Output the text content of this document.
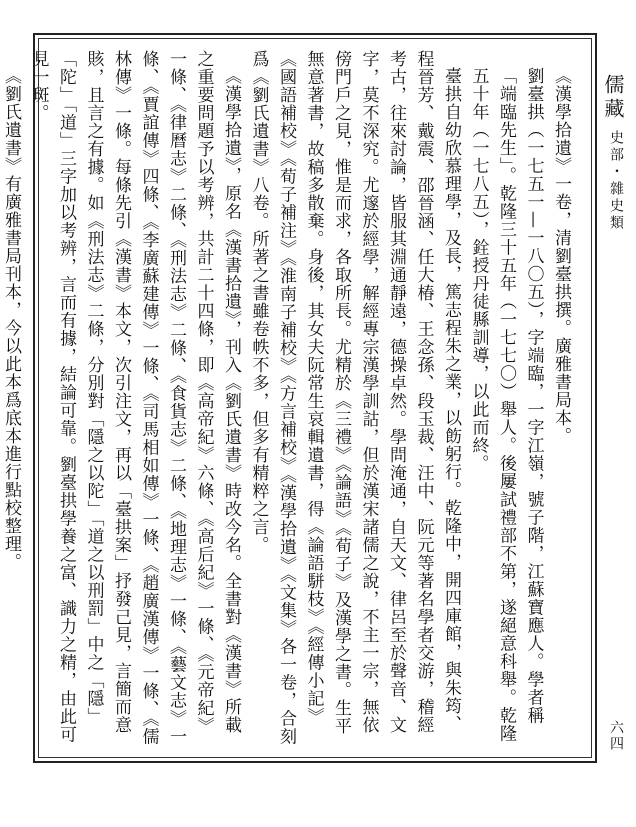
儒藏
史部・雜史類
六四

《漢學拾遺》一卷，清劉臺拱撰。廣雅書局本。

劉臺拱（一七五一—一八〇五），字端臨，一字江嶺，號子階，江蘇寶應人。學者稱「端臨先生」。乾隆三十五年（一七七〇）舉人。後屢試禮部不第，遂絕意科舉。乾隆五十年（一七八五），銓授丹徒縣訓導，以此而終。

臺拱自幼欣慕理學，及長，篤志程朱之業，以飭躬行。乾隆中，開四庫館，與朱筠、程晉芳、戴震、邵晉涵、任大椿、王念孫、段玉裁、汪中、阮元等著名學者交游，稽經考古，往來討論，皆服其淵通靜遠，德操卓然。學問淹通，自天文、律呂至於聲音、文字，莫不深究。尤邃於經學，解經專宗漢學訓詁，但於漢宋諸儒之說，不主一宗，無依傍門戶之見，惟是而求，各取所長。尤精於《三禮》《論語》《荀子》及漢學之書。生平無意著書，故稿多散棄。身後，其女夫阮常生哀輯遺書，得《論語駢枝》《經傳小記》《國語補校》《荀子補注》《淮南子補校》《方言補校》《漢學拾遺》《文集》各一卷，合刻爲《劉氏遺書》八卷。所著之書雖卷帙不多，但多有精粹之言。

《漢學拾遺》，原名《漢書拾遺》，刊入《劉氏遺書》時改今名。全書對《漢書》所載之重要問題予以考辨，共計二十四條，即《高帝紀》六條、《高后紀》一條、《元帝紀》一條、《律曆志》二條、《刑法志》二條、《食貨志》二條、《地理志》一條、《藝文志》一條、《賈誼傳》四條、《李廣蘇建傳》一條、《司馬相如傳》一條、《趙廣漢傳》一條、《儒林傳》一條。每條先引《漢書》本文，次引注文，再以「臺拱案」抒發己見，言簡而意賅，且言之有據。如《刑法志》二條，分別對「隱之以陀」「道之以刑罰」中之「隱」「陀」「道」三字加以考辨，言而有據，結論可靠。劉臺拱學養之富、識力之精，由此可見一斑。

《劉氏遺書》有廣雅書局刊本，今以此本爲底本進行點校整理。
